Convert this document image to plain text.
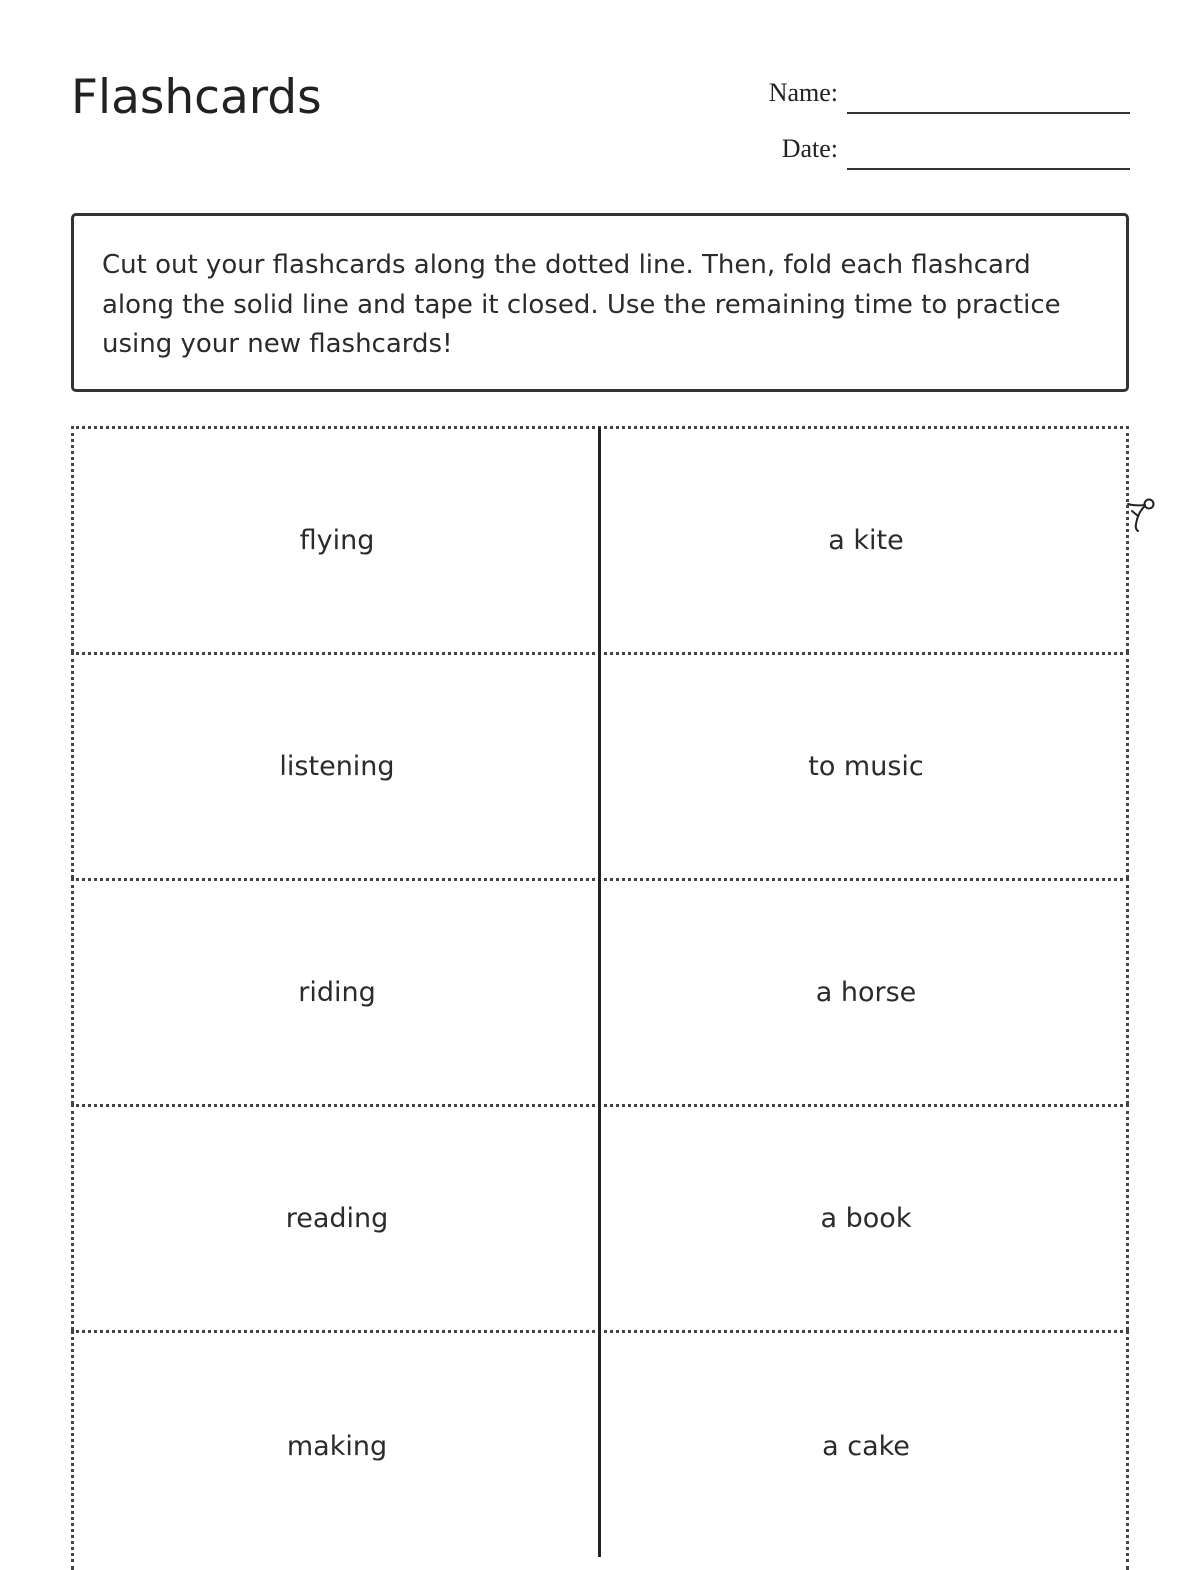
Flashcards	Name:
Date:

Cut out your flashcards along the dotted line. Then, fold each flashcard along the solid line and tape it closed. Use the remaining time to practice using your new flashcards!

flying	a kite
listening	to music
riding	a horse
reading	a book
making	a cake
